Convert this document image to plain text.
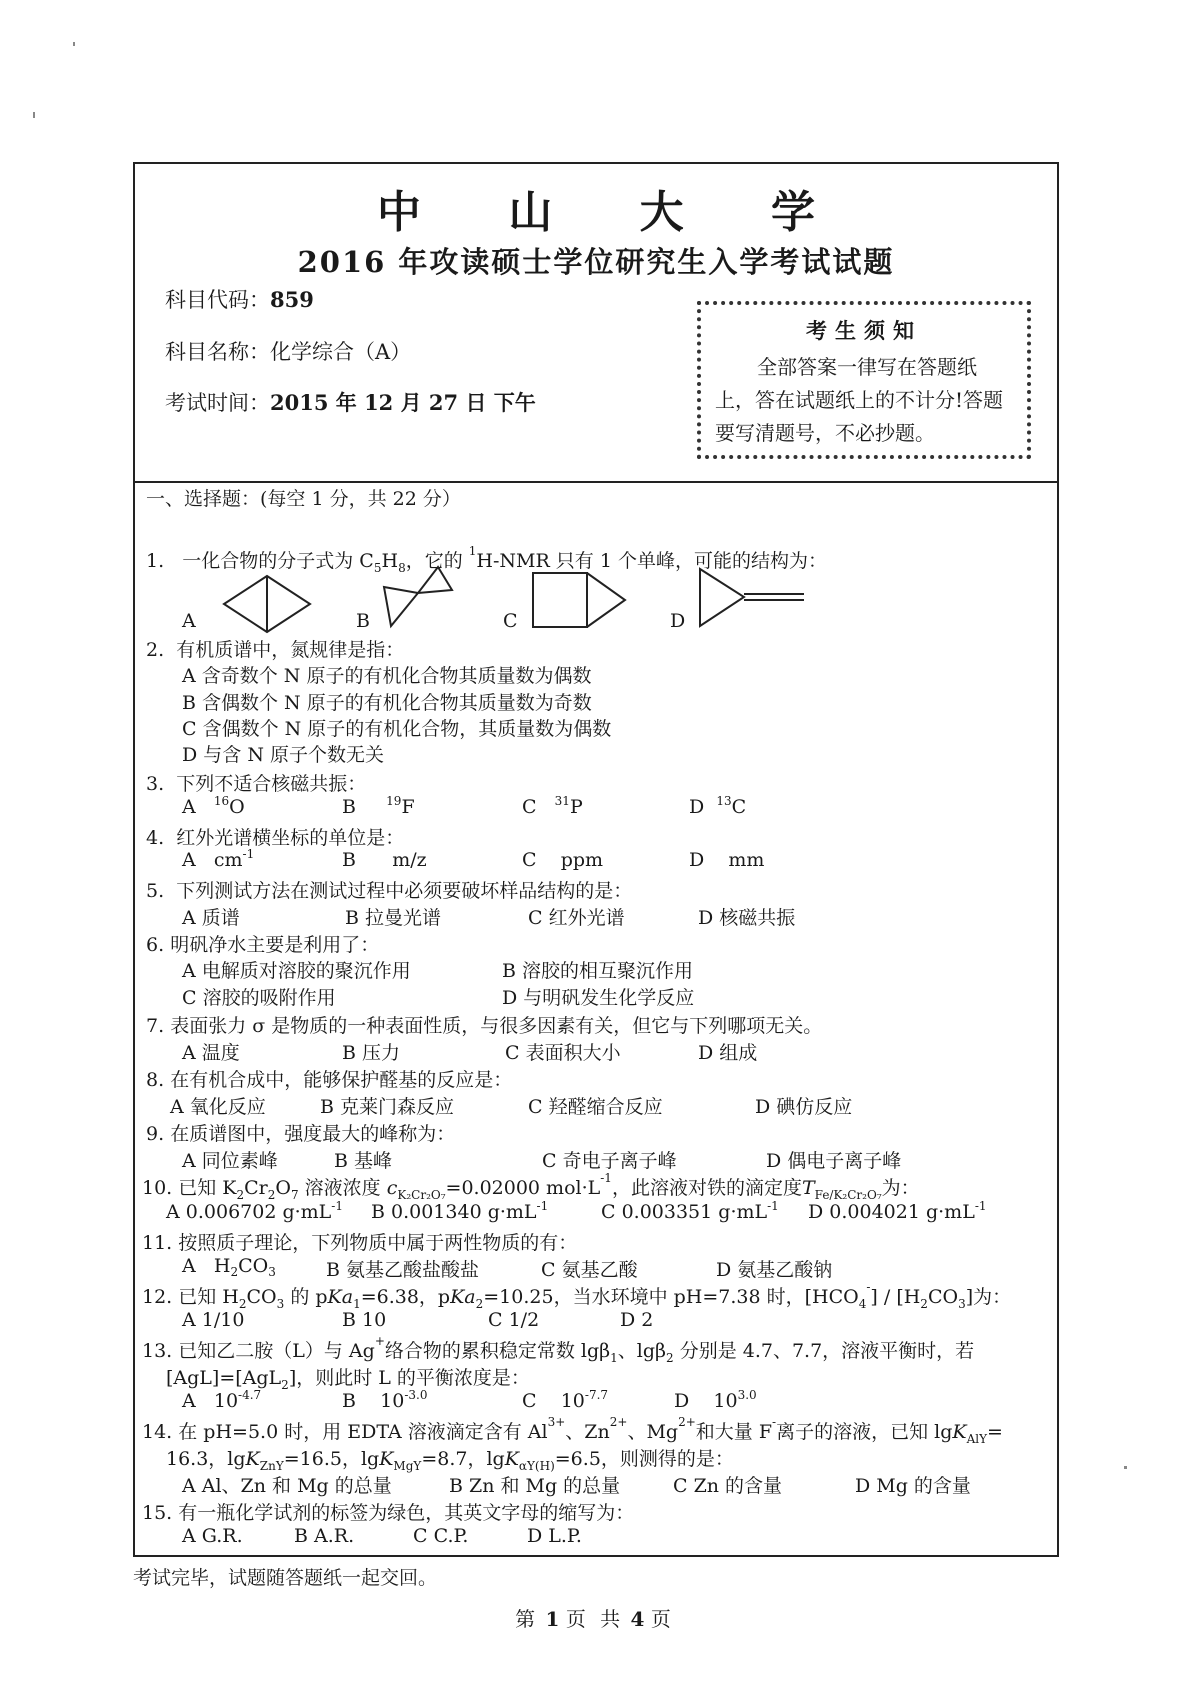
中 山 大 学
2016 年攻读硕士学位研究生入学考试试题
科目代码：859
科目名称：化学综合（A）
考试时间：2015 年 12 月 27 日 下午
考生须知
全部答案一律写在答题纸上，答在试题纸上的不计分!答题要写清题号，不必抄题。
一、选择题：(每空 1 分，共 22 分）
1. 一化合物的分子式为 $C_5H_8$，它的 $^1$H-NMR 只有 1 个单峰，可能的结构为：
A	B	C	D
2. 有机质谱中，氮规律是指：
A 含奇数个 N 原子的有机化合物其质量数为偶数
B 含偶数个 N 原子的有机化合物其质量数为奇数
C 含偶数个 N 原子的有机化合物，其质量数为偶数
D 与含 N 原子个数无关
3. 下列不适合核磁共振：
A $^{16}$O	B	$^{19}$F	C $^{31}$P	D $^{13}$C
4. 红外光谱横坐标的单位是：
A $cm^{-1}$	B m/z	C ppm	D mm
5. 下列测试方法在测试过程中必须要破坏样品结构的是：
A 质谱	B 拉曼光谱	C 红外光谱	D 核磁共振
6. 明矾净水主要是利用了：
A 电解质对溶胶的聚沉作用	B 溶胶的相互聚沉作用
C 溶胶的吸附作用	D 与明矾发生化学反应
7. 表面张力 σ 是物质的一种表面性质，与很多因素有关，但它与下列哪项无关。
A 温度	B 压力	C 表面积大小	D 组成
8. 在有机合成中，能够保护醛基的反应是：
A 氧化反应	B 克莱门森反应	C 羟醛缩合反应	D 碘仿反应
9. 在质谱图中，强度最大的峰称为：
A 同位素峰	B 基峰	C 奇电子离子峰	D 偶电子离子峰
10. 已知 $K_2Cr_2O_7$ 溶液浓度 $c_{K_2Cr_2O_7}=0.02000$ $mol\cdot L^{-1}$，此溶液对铁的滴定度$T_{Fe/K_2Cr_2O_7}$为：
A 0.006702 $g\cdot mL^{-1}$ B 0.001340 $g\cdot mL^{-1}$	C 0.003351 $g\cdot mL^{-1}$ D 0.004021 $g\cdot mL^{-1}$
11. 按照质子理论，下列物质中属于两性物质的有：
A $H_2CO_3$	B 氨基乙酸盐酸盐	C 氨基乙酸	D 氨基乙酸钠
12. 已知 $H_2CO_3$ 的 pKa$_1$=6.38，pKa$_2$=10.25，当水环境中 pH=7.38 时，$[HCO_4^-] / [H_2CO_3]$为：
A 1/10	B 10	C 1/2	D 2
13. 已知乙二胺（L）与 Ag+络合物的累积稳定常数 lgβ$_1$、lgβ$_2$ 分别是 4.7、7.7，溶液平衡时，若
[AgL]=[AgL$_2$]，则此时 L 的平衡浓度是：
A $10^{-4.7}$	B $10^{-3.0}$	C $10^{-7.7}$	D $10^{3.0}$
14. 在 pH=5.0 时，用 EDTA 溶液滴定含有 $Al^{3+}$、$Zn^{2+}$、$Mg^{2+}$和大量 F-离子的溶液，已知 lgK$_{AlY}$=
16.3，lgK$_{ZnY}$=16.5，lgK$_{MgY}$=8.7，lgK$_{\alpha Y(H)}$=6.5，则测得的是：
A Al、Zn 和 Mg 的总量	B Zn 和 Mg 的总量	C Zn 的含量	D Mg 的含量
15. 有一瓶化学试剂的标签为绿色，其英文字母的缩写为：
A G.R.	B A.R.	C C.P.	D L.P.
考试完毕，试题随答题纸一起交回。
第 1 页 共 4 页
